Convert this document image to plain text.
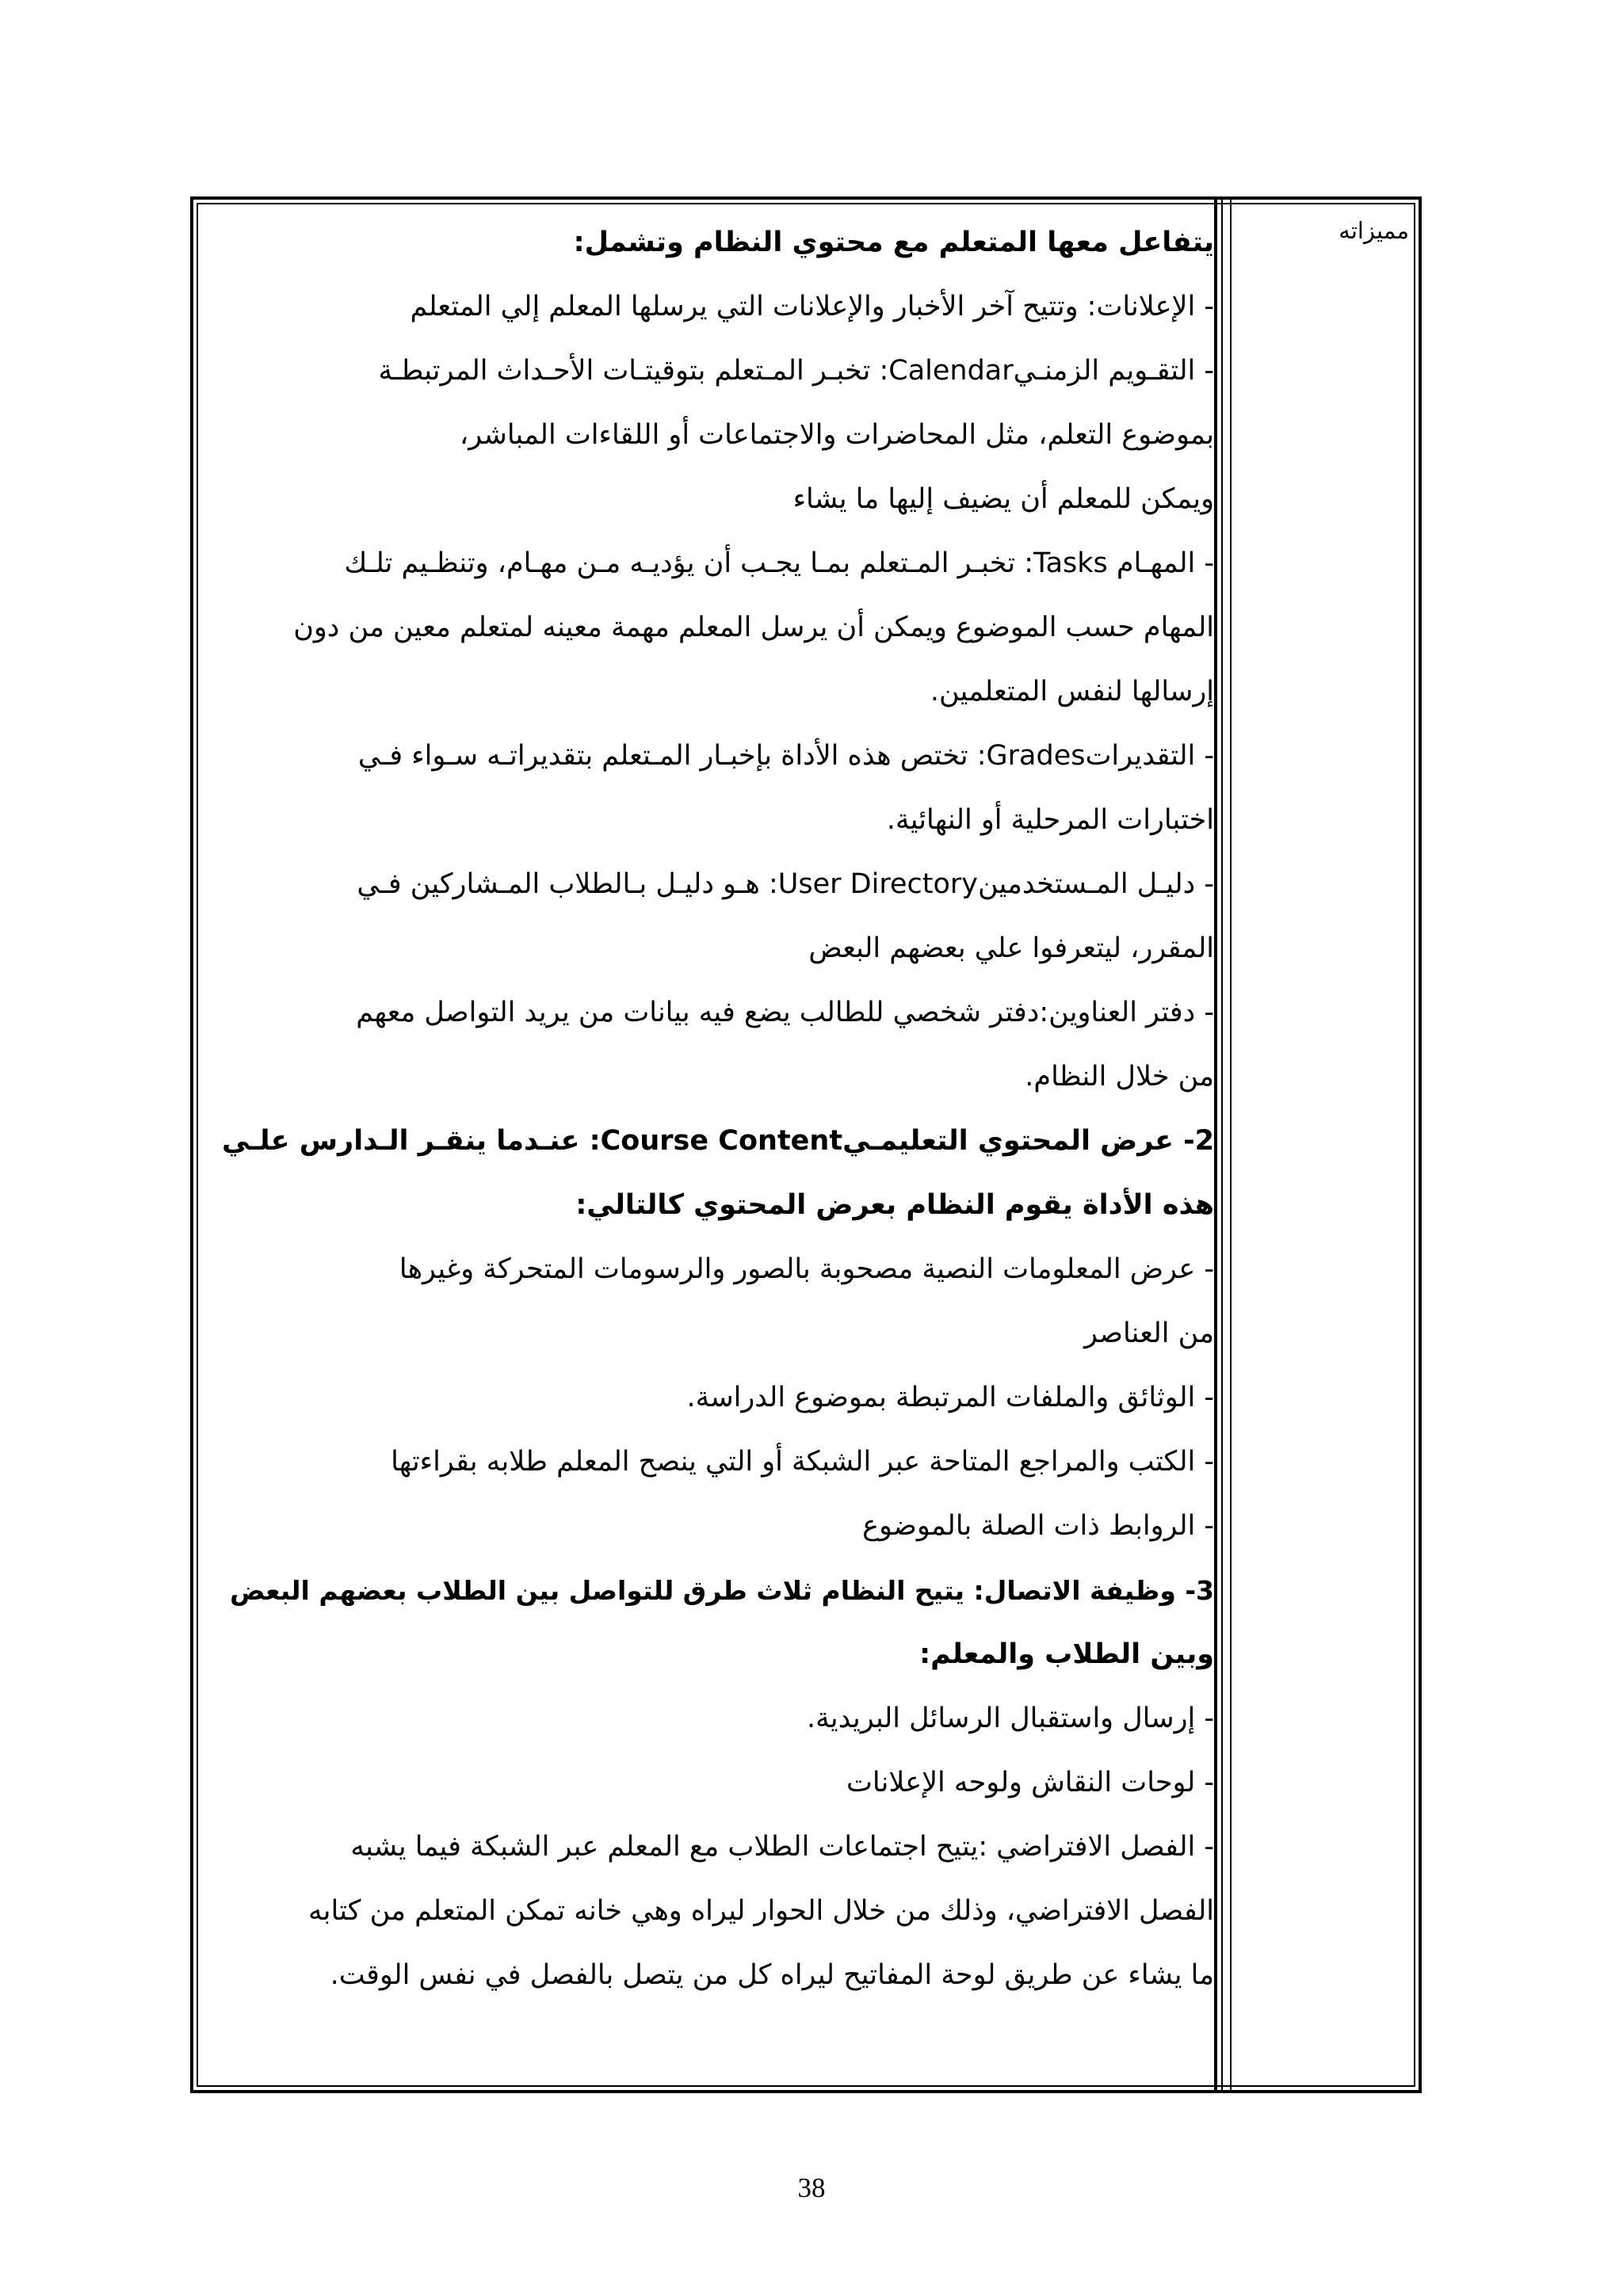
مميزاته
يتفاعل معها المتعلم مع محتوي النظام وتشمل:
- الإعلانات: وتتيح آخر الأخبار والإعلانات التي يرسلها المعلم إلي المتعلم
- التقـويم الزمنـيCalendar: تخبـر المـتعلم بتوقيتـات الأحـداث المرتبطـة
بموضوع التعلم، مثل المحاضرات والاجتماعات أو اللقاءات المباشر،
ويمكن للمعلم أن يضيف إليها ما يشاء
- المهـام Tasks: تخبـر المـتعلم بمـا يجـب أن يؤديـه مـن مهـام، وتنظـيم تلـك
المهام حسب الموضوع ويمكن أن يرسل المعلم مهمة معينه لمتعلم معين من دون
إرسالها لنفس المتعلمين.
- التقديراتGrades: تختص هذه الأداة بإخبـار المـتعلم بتقديراتـه سـواء فـي
اختبارات المرحلية أو النهائية.
- دليـل المـستخدمينUser Directory: هـو دليـل بـالطلاب المـشاركين فـي
المقرر، ليتعرفوا علي بعضهم البعض
- دفتر العناوين:دفتر شخصي للطالب يضع فيه بيانات من يريد التواصل معهم
من خلال النظام.
2- عرض المحتوي التعليمـيCourse Content: عنـدما ينقـر الـدارس علـي
هذه الأداة يقوم النظام بعرض المحتوي كالتالي:
- عرض المعلومات النصية مصحوبة بالصور والرسومات المتحركة وغيرها
من العناصر
- الوثائق والملفات المرتبطة بموضوع الدراسة.
- الكتب والمراجع المتاحة عبر الشبكة أو التي ينصح المعلم طلابه بقراءتها
- الروابط ذات الصلة بالموضوع
3- وظيفة الاتصال: يتيح النظام ثلاث طرق للتواصل بين الطلاب بعضهم البعض
وبين الطلاب والمعلم:
- إرسال واستقبال الرسائل البريدية.
- لوحات النقاش ولوحه الإعلانات
- الفصل الافتراضي :يتيح اجتماعات الطلاب مع المعلم عبر الشبكة فيما يشبه
الفصل الافتراضي، وذلك من خلال الحوار ليراه وهي خانه تمكن المتعلم من كتابه
ما يشاء عن طريق لوحة المفاتيح ليراه كل من يتصل بالفصل في نفس الوقت.
38
